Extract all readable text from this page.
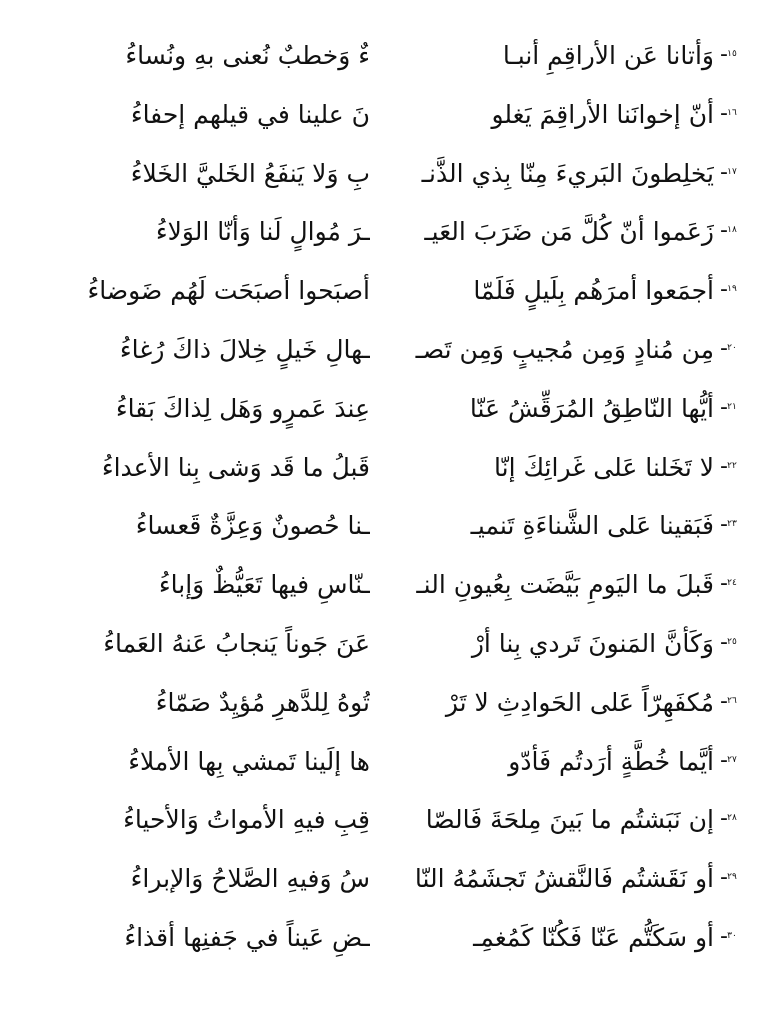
١٥
-
وَأتانا عَن الأراقِمِ أنبـا
ءٌ وَخطبٌ نُعنى بهِ ونُساءُ
١٦
-
أنّ إخوانَنا الأراقِمَ يَغلو
نَ علينا في قيلهم إحفاءُ
١٧
-
يَخلِطونَ البَريءَ مِنّا بِذي الذَّنـ
بِ وَلا يَنفَعُ الخَليَّ الخَلاءُ
١٨
-
زَعَموا أنّ كُلَّ مَن ضَرَبَ العَيـ
ـرَ مُوالٍ لَنا وَأنّا الوَلاءُ
١٩
-
أجمَعوا أمرَهُم بِلَيلٍ فَلَمّا
أصبَحوا أصبَحَت لَهُم ضَوضاءُ
٢٠
-
مِن مُنادٍ وَمِن مُجيبٍ وَمِن تَصـ
ـهالِ خَيلٍ خِلالَ ذاكَ رُغاءُ
٢١
-
أيُّها النّاطِقُ المُرَقِّشُ عَنّا
عِندَ عَمرٍو وَهَل لِذاكَ بَقاءُ
٢٢
-
لا تَخَلنا عَلى غَرائِكَ إنّا
قَبلُ ما قَد وَشى بِنا الأعداءُ
٢٣
-
فَبَقينا عَلى الشَّناءَةِ تَنميـ
ـنا حُصونٌ وَعِزَّةٌ قَعساءُ
٢٤
-
قَبلَ ما اليَومِ بَيَّضَت بِعُيونِ النـ
ـنّاسِ فيها تَعَيُّظٌ وَإباءُ
٢٥
-
وَكَأنَّ المَنونَ تَردي بِنا أرْ
عَنَ جَوناً يَنجابُ عَنهُ العَماءُ
٢٦
-
مُكفَهِرّاً عَلى الحَوادِثِ لا تَرْ
تُوهُ لِلدَّهرِ مُؤيِدٌ صَمّاءُ
٢٧
-
أيَّما خُطَّةٍ أرَدتُم فَأدّو
ها إلَينا تَمشي بِها الأملاءُ
٢٨
-
إن نَبَشتُم ما بَينَ مِلحَةَ فَالصّا
قِبِ فيهِ الأمواتُ وَالأحياءُ
٢٩
-
أو نَقَشتُم فَالنَّقشُ تَجشَمُهُ النّا
سُ وَفيهِ الصَّلاحُ وَالإبراءُ
٣٠
-
أو سَكَتُّم عَنّا فَكُنّا كَمُغمِـ
ـضِ عَيناً في جَفنِها أقذاءُ
